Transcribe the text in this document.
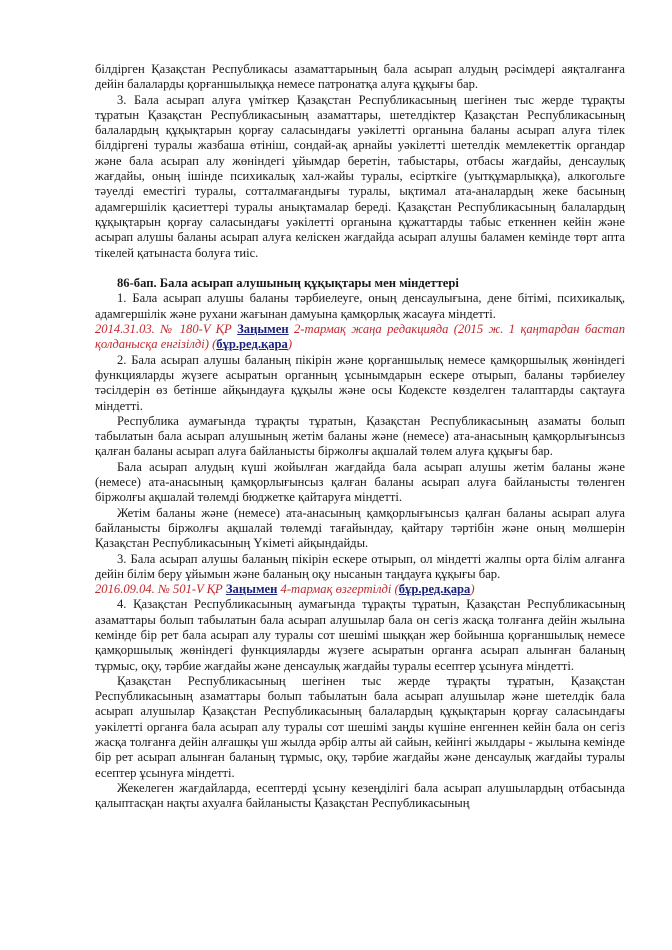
білдірген Қазақстан Республикасы азаматтарының бала асырап алудың рәсімдері аяқталғанға дейін балаларды қорғаншылыққа немесе патронатқа алуға құқығы бар.

3. Бала асырап алуға үміткер Қазақстан Республикасының шегінен тыс жерде тұрақты тұратын Қазақстан Республикасының азаматтары, шетелдіктер Қазақстан Республикасының балалардың құқықтарын қорғау саласындағы уәкілетті органына баланы асырап алуға тілек білдіргені туралы жазбаша өтініш, сондай-ақ арнайы уәкілетті шетелдік мемлекеттік органдар және бала асырап алу жөніндегі ұйымдар беретін, табыстары, отбасы жағдайы, денсаулық жағдайы, оның ішінде психикалық хал-жайы туралы, есірткіге (уытқұмарлыққа), алкогольге тәуелді еместігі туралы, сотталмағандығы туралы, ықтимал ата-аналардың жеке басының адамгершілік қасиеттері туралы анықтамалар береді. Қазақстан Республикасының балалардың құқықтарын қорғау саласындағы уәкілетті органына құжаттарды табыс еткеннен кейін және асырап алушы баланы асырап алуға келіскен жағдайда асырап алушы баламен кемінде төрт апта тікелей қатынаста болуға тиіс.

86-бап. Бала асырап алушының құқықтары мен міндеттері

1. Бала асырап алушы баланы тәрбиелеуге, оның денсаулығына, дене бітімі, психикалық, адамгершілік және рухани жағынан дамуына қамқорлық жасауға міндетті.

2014.31.03. № 180-V ҚР Заңымен 2-тармақ жаңа редакцияда (2015 ж. 1 қаңтардан бастап қолданысқа енгізілді) (бұр.ред.қара)

2. Бала асырап алушы баланың пікірін және қорғаншылық немесе қамқоршылық жөніндегі функцияларды жүзеге асыратын органның ұсынымдарын ескере отырып, баланы тәрбиелеу тәсілдерін өз бетінше айқындауға құқылы және осы Кодексте көзделген талаптарды сақтауға міндетті.

Республика аумағында тұрақты тұратын, Қазақстан Республикасының азаматы болып табылатын бала асырап алушының жетім баланы және (немесе) ата-анасының қамқорлығынсыз қалған баланы асырап алуға байланысты біржолғы ақшалай төлем алуға құқығы бар.

Бала асырап алудың күші жойылған жағдайда бала асырап алушы жетім баланы және (немесе) ата-анасының қамқорлығынсыз қалған баланы асырап алуға байланысты төленген біржолғы ақшалай төлемді бюджетке қайтаруға міндетті.

Жетім баланы және (немесе) ата-анасының қамқорлығынсыз қалған баланы асырап алуға байланысты біржолғы ақшалай төлемді тағайындау, қайтару тәртібін және оның мөлшерін Қазақстан Республикасының Үкіметі айқындайды.

3. Бала асырап алушы баланың пікірін ескере отырып, ол міндетті жалпы орта білім алғанға дейін білім беру ұйымын және баланың оқу нысанын таңдауға құқығы бар.

2016.09.04. № 501-V ҚР Заңымен 4-тармақ өзгертілді (бұр.ред.қара)

4. Қазақстан Республикасының аумағында тұрақты тұратын, Қазақстан Республикасының азаматтары болып табылатын бала асырап алушылар бала он сегіз жасқа толғанға дейін жылына кемінде бір рет бала асырап алу туралы сот шешімі шыққан жер бойынша қорғаншылық немесе қамқоршылық жөніндегі функцияларды жүзеге асыратын органға асырап алынған баланың тұрмыс, оқу, тәрбие жағдайы және денсаулық жағдайы туралы есептер ұсынуға міндетті.

Қазақстан Республикасының шегінен тыс жерде тұрақты тұратын, Қазақстан Республикасының азаматтары болып табылатын бала асырап алушылар және шетелдік бала асырап алушылар Қазақстан Республикасының балалардың құқықтарын қорғау саласындағы уәкілетті органға бала асырап алу туралы сот шешімі заңды күшіне енгеннен кейін бала он сегіз жасқа толғанға дейін алғашқы үш жылда әрбір алты ай сайын, кейінгі жылдары - жылына кемінде бір рет асырап алынған баланың тұрмыс, оқу, тәрбие жағдайы және денсаулық жағдайы туралы есептер ұсынуға міндетті.

Жекелеген жағдайларда, есептерді ұсыну кезеңділігі бала асырап алушылардың отбасында қалыптасқан нақты ахуалға байланысты Қазақстан Республикасының
